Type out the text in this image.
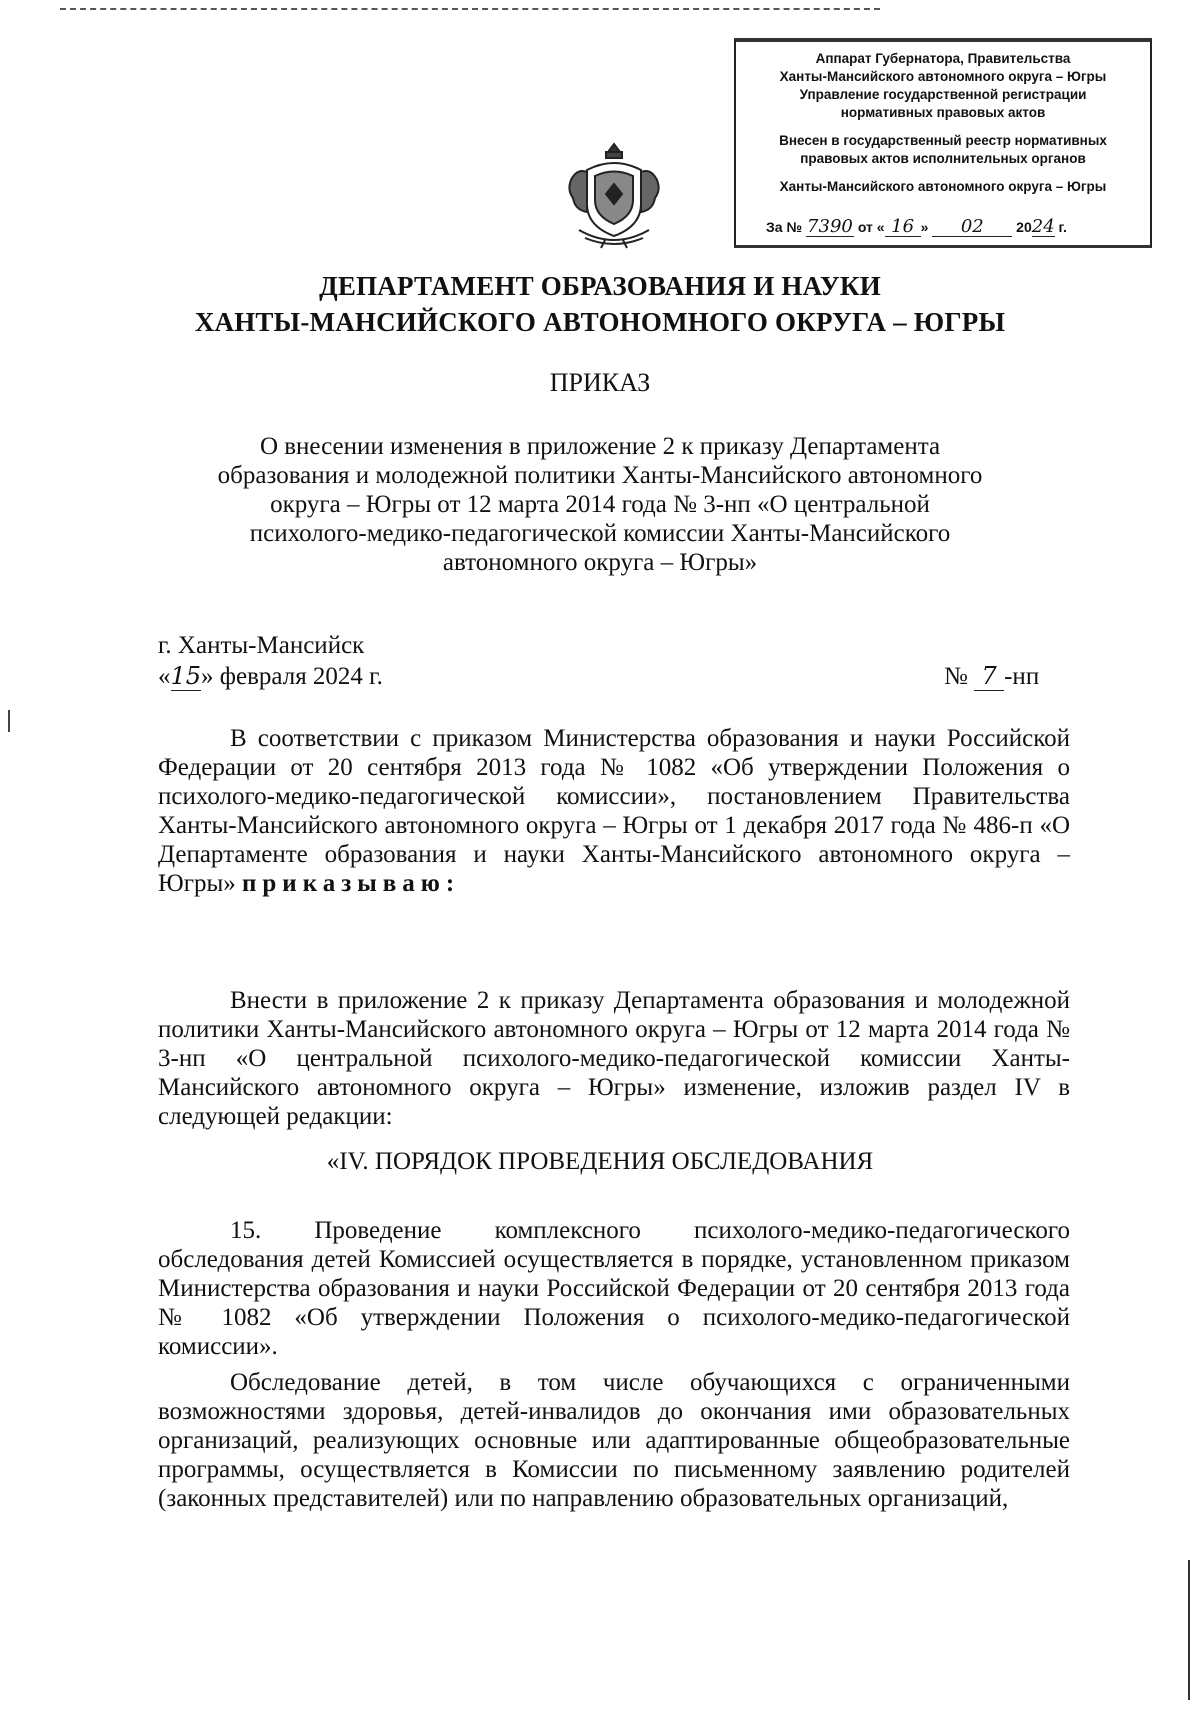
Аппарат Губернатора, Правительства
Ханты-Мансийского автономного округа – Югры
Управление государственной регистрации
нормативных правовых актов
Внесен в государственный реестр нормативных
правовых актов исполнительных органов
Ханты-Мансийского автономного округа – Югры
За № 7390 от « 16 » 02 2024 г.
ДЕПАРТАМЕНТ ОБРАЗОВАНИЯ И НАУКИ
ХАНТЫ-МАНСИЙСКОГО АВТОНОМНОГО ОКРУГА – ЮГРЫ
ПРИКАЗ
О внесении изменения в приложение 2 к приказу Департамента
образования и молодежной политики Ханты-Мансийского автономного
округа – Югры от 12 марта 2014 года № 3-нп «О центральной
психолого-медико-педагогической комиссии Ханты-Мансийского
автономного округа – Югры»
г. Ханты-Мансийск
«15» февраля 2024 г.	№ 7 -нп
В соответствии с приказом Министерства образования и науки Российской Федерации от 20 сентября 2013 года № 1082 «Об утверждении Положения о психолого-медико-педагогической комиссии», постановлением Правительства Ханты-Мансийского автономного округа – Югры от 1 декабря 2017 года № 486-п «О Департаменте образования и науки Ханты-Мансийского автономного округа – Югры» приказываю:
Внести в приложение 2 к приказу Департамента образования и молодежной политики Ханты-Мансийского автономного округа – Югры от 12 марта 2014 года № 3-нп «О центральной психолого-медико-педагогической комиссии Ханты-Мансийского автономного округа – Югры» изменение, изложив раздел IV в следующей редакции:
«IV. ПОРЯДОК ПРОВЕДЕНИЯ ОБСЛЕДОВАНИЯ
15. Проведение комплексного психолого-медико-педагогического обследования детей Комиссией осуществляется в порядке, установленном приказом Министерства образования и науки Российской Федерации от 20 сентября 2013 года № 1082 «Об утверждении Положения о психолого-медико-педагогической комиссии».
Обследование детей, в том числе обучающихся с ограниченными возможностями здоровья, детей-инвалидов до окончания ими образовательных организаций, реализующих основные или адаптированные общеобразовательные программы, осуществляется в Комиссии по письменному заявлению родителей (законных представителей) или по направлению образовательных организаций,
